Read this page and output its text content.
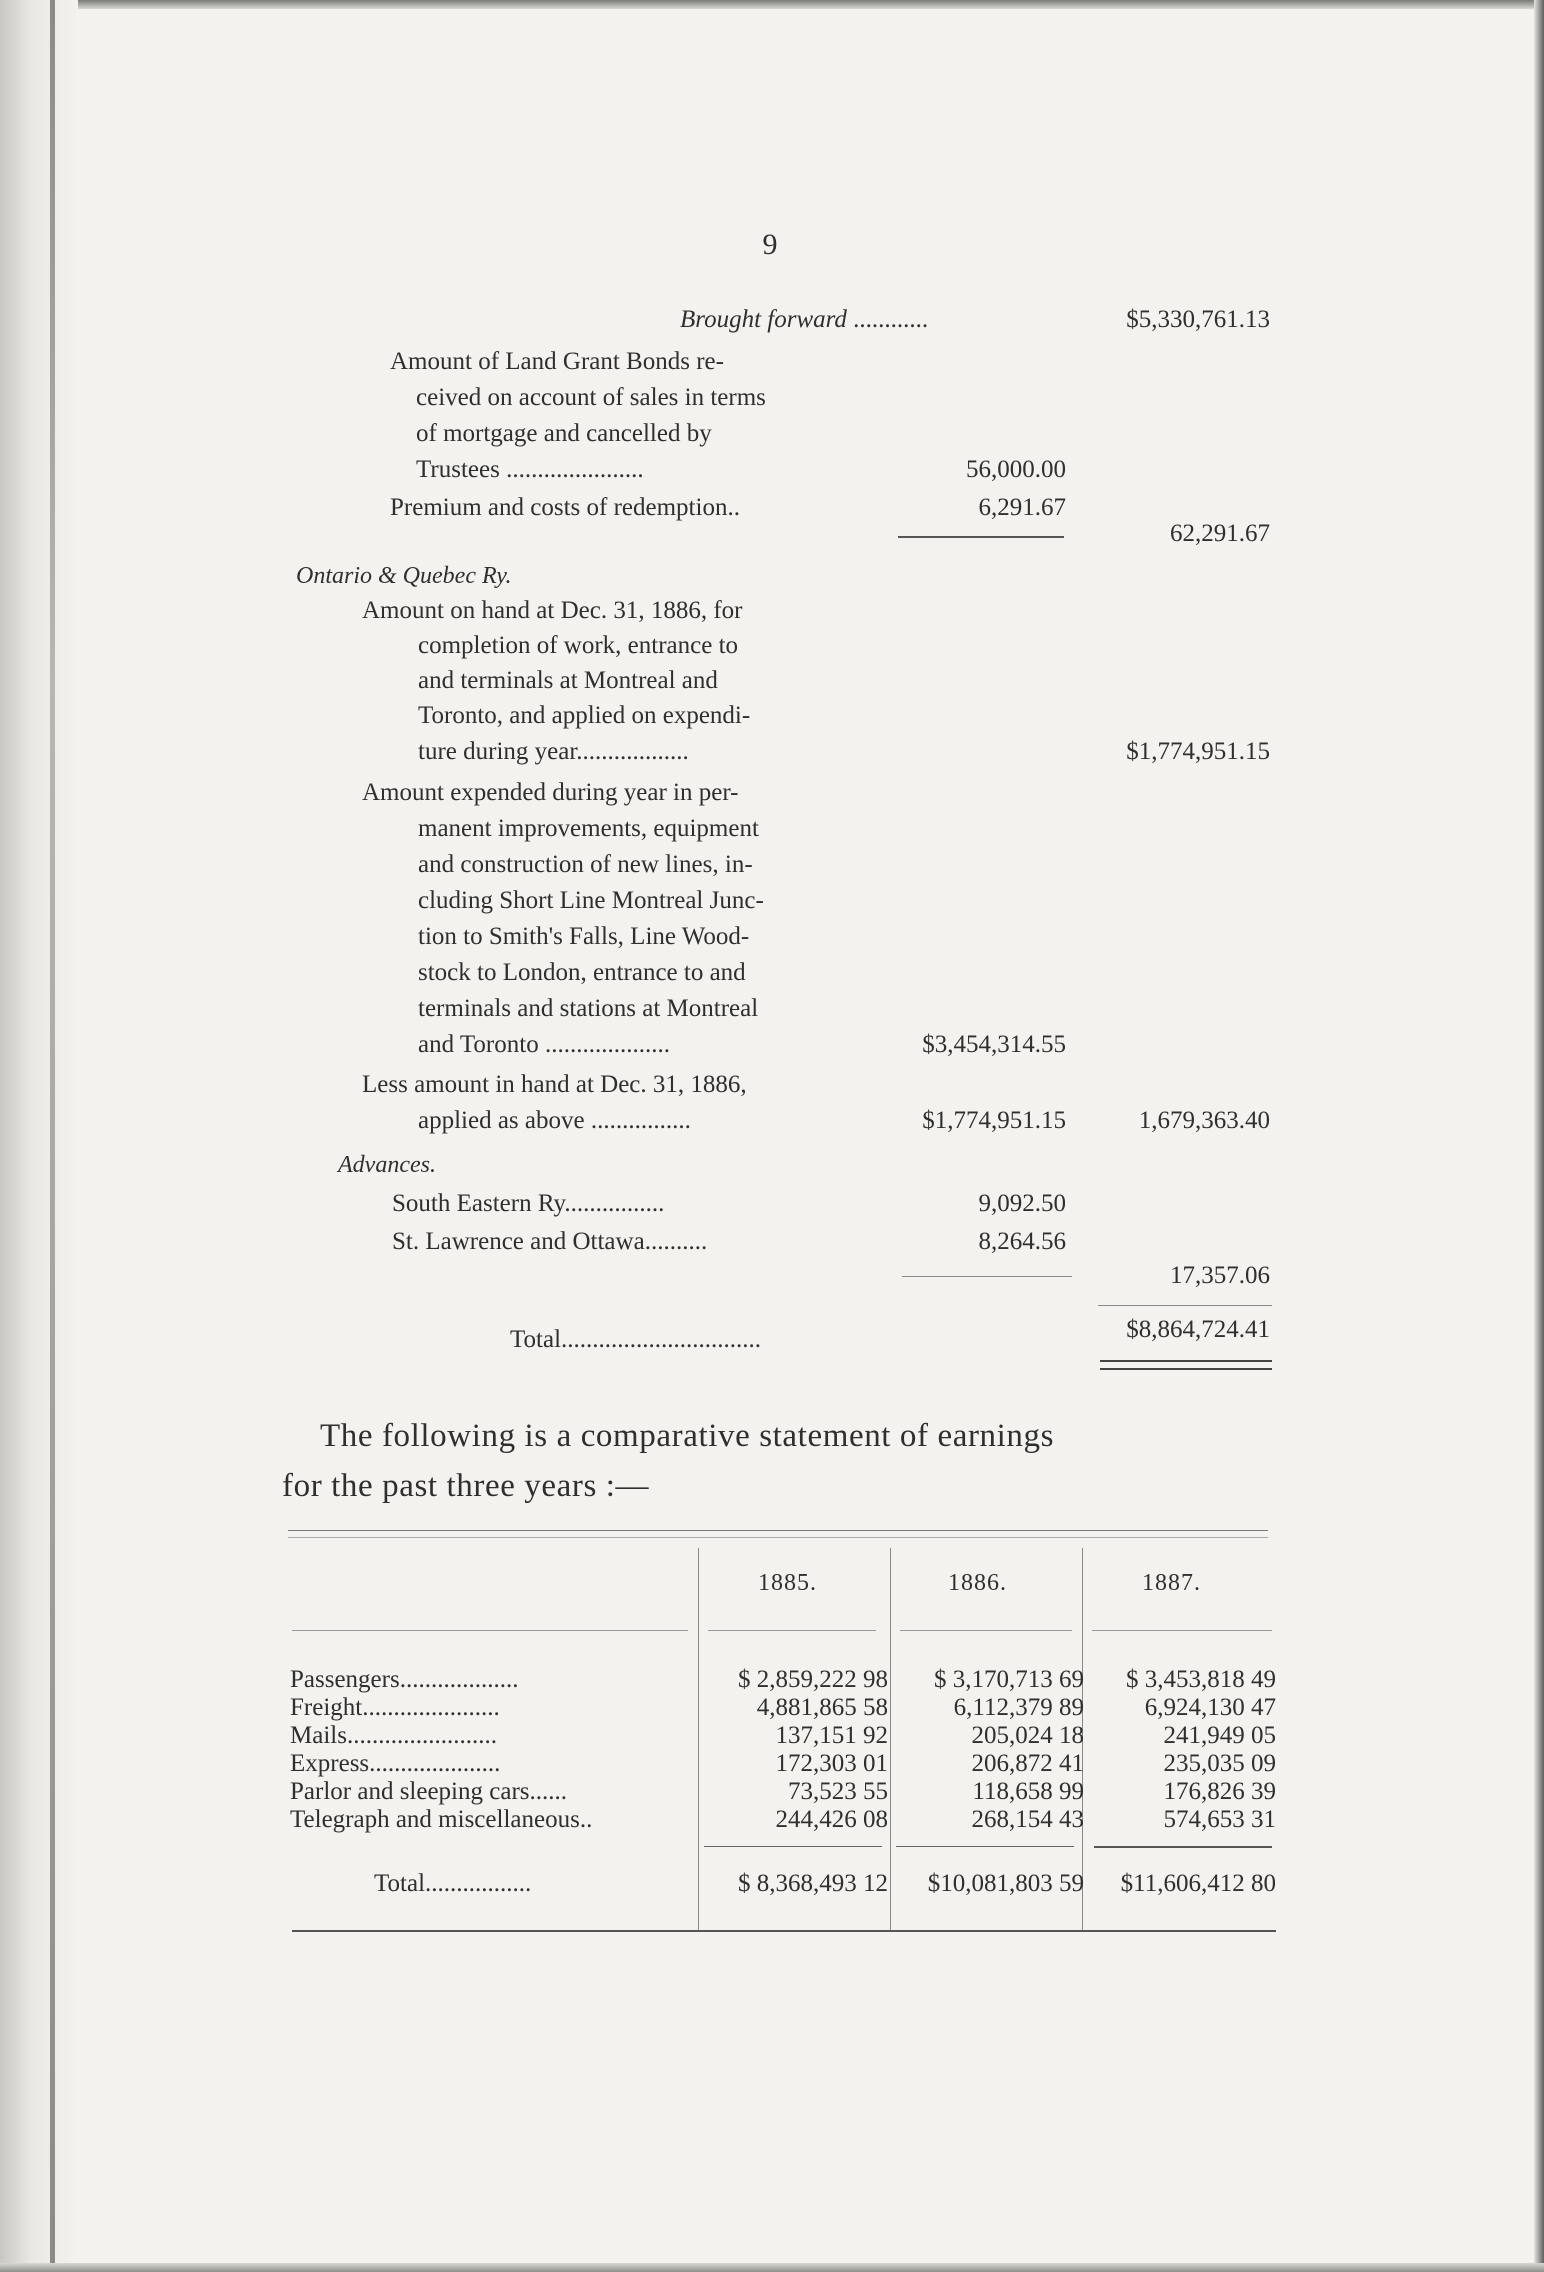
9
Brought forward ............	$5,330,761.13
Amount of Land Grant Bonds re-
ceived on account of sales in terms
of mortgage and cancelled by
Trustees ......................	56,000.00
Premium and costs of redemption..	6,291.67
62,291.67
Ontario & Quebec Ry.
Amount on hand at Dec. 31, 1886, for
completion of work, entrance to
and terminals at Montreal and
Toronto, and applied on expendi-
ture during year..................	$1,774,951.15
Amount expended during year in per-
manent improvements, equipment
and construction of new lines, in-
cluding Short Line Montreal Junc-
tion to Smith's Falls, Line Wood-
stock to London, entrance to and
terminals and stations at Montreal
and Toronto ....................	$3,454,314.55
Less amount in hand at Dec. 31, 1886,
applied as above ................	$1,774,951.15	1,679,363.40
Advances.
South Eastern Ry................	9,092.50
St. Lawrence and Ottawa..........	8,264.56
17,357.06
Total................................	$8,864,724.41
The following is a comparative statement of earnings
for the past three years :—
1885.	1886.	1887.
Passengers...................	$ 2,859,222 98 $ 3,170,713 69 $ 3,453,818 49
Freight......................	4,881,865 58	6,112,379 89 6,924,130 47
Mails........................	137,151 92	205,024 18	241,949 05
Express.....................	172,303 01	206,872 41	235,035 09
Parlor and sleeping cars......	73,523 55	118,658 99	176,826 39
Telegraph and miscellaneous..	244,426 08	268,154 43	574,653 31
Total.................	$ 8,368,493 12 $10,081,803 59 $11,606,412 80
